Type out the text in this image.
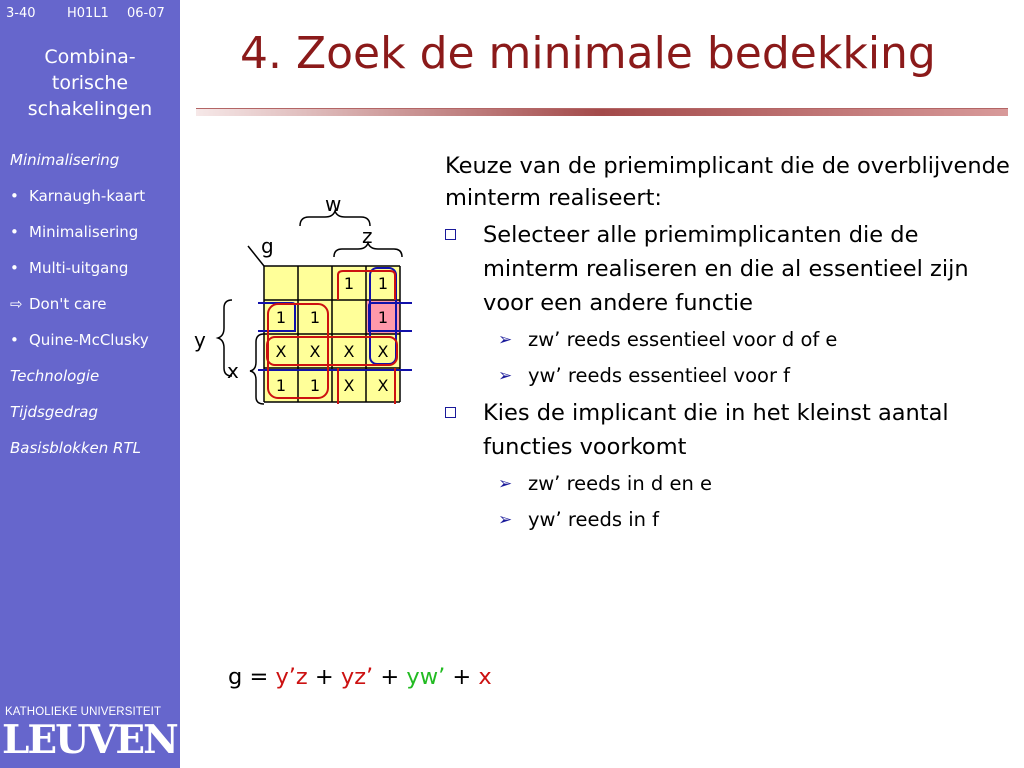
3-40 H01L1 06-07
Combina-
torische
schakelingen
Minimalisering
• Karnaugh-kaart
• Minimalisering
• Multi-uitgang
⇨ Don't care
• Quine-McClusky
Technologie
Tijdsgedrag
Basisblokken RTL
KATHOLIEKE UNIVERSITEIT
LEUVEN
4. Zoek de minimale bedekking
Keuze van de priemimplicant die de overblijvende minterm realiseert:
Selecteer alle priemimplicanten die de minterm realiseren en die al essentieel zijn voor een andere functie
➢ zw’ reeds essentieel voor d of e
➢ yw’ reeds essentieel voor f
Kies de implicant die in het kleinst aantal functies voorkomt
➢ zw’ reeds in d en e
➢ yw’ reeds in f
1 1
1 1	1
X X X X
1 1 X X
w
z
g
y
x
g = y’z + yz’ + yw’ + x
